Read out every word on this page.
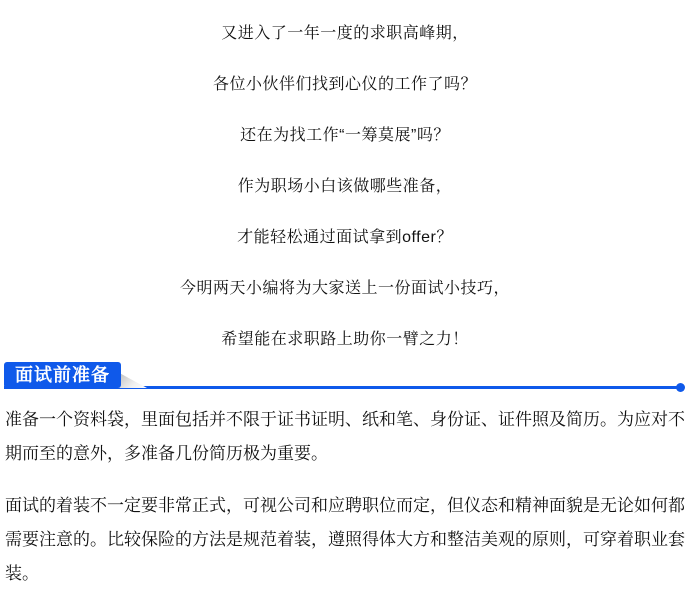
又进入了一年一度的求职高峰期，

各位小伙伴们找到心仪的工作了吗？

还在为找工作“一筹莫展”吗？

作为职场小白该做哪些准备，

才能轻松通过面试拿到offer？

今明两天小编将为大家送上一份面试小技巧，

希望能在求职路上助你一臂之力！

面试前准备

准备一个资料袋，里面包括并不限于证书证明、纸和笔、身份证、证件照及简历。为应对不期而至的意外，多准备几份简历极为重要。

面试的着装不一定要非常正式，可视公司和应聘职位而定，但仪态和精神面貌是无论如何都需要注意的。比较保险的方法是规范着装，遵照得体大方和整洁美观的原则，可穿着职业套装。
